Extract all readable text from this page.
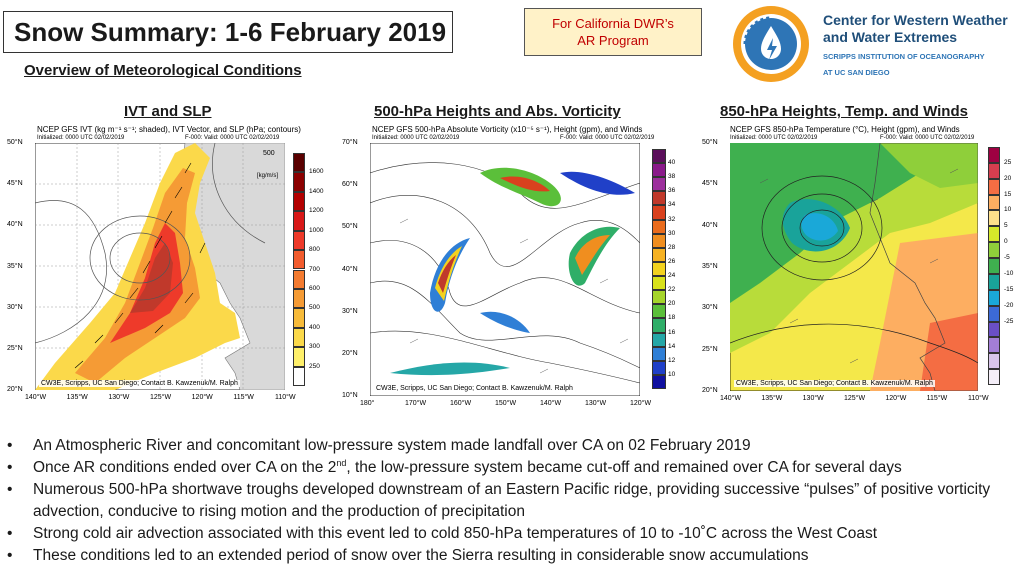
Snow Summary: 1-6 February 2019
Overview of Meteorological Conditions
For California DWR’s
AR Program
Center for Western Weather
and Water Extremes
SCRIPPS INSTITUTION OF OCEANOGRAPHY
AT UC SAN DIEGO
IVT and SLP	500-hPa Heights and Abs. Vorticity	850-hPa Heights, Temp. and Winds
NCEP GFS IVT (kg m⁻¹ s⁻¹; shaded), IVT Vector, and SLP (hPa; contours)
Initialized: 0000 UTC 02/02/2019	F-000: Valid: 0000 UTC 02/02/2019
500
[kg/m/s]
CW3E, Scripps, UC San Diego; Contact B. Kawzenuk/M. Ralph
50°N
45°N
40°N
35°N
30°N
25°N
20°N
140°W	135°W	130°W	125°W	120°W	115°W	110°W
1600
1400
1200
1000
800
700
600
500
400
300
250
NCEP GFS 500-hPa Absolute Vorticity (x10⁻⁵ s⁻¹), Height (gpm), and Winds
Initialized: 0000 UTC 02/02/2019	F-000: Valid: 0000 UTC 02/02/2019
CW3E, Scripps, UC San Diego; Contact B. Kawzenuk/M. Ralph
70°N
60°N
50°N
40°N
30°N
20°N
10°N
180°	170°W	160°W	150°W	140°W	130°W	120°W
40
38
36
34
32
30
28
26
24
22
20
18
16
14
12
10
NCEP GFS 850-hPa Temperature (°C), Height (gpm), and Winds
Initialized: 0000 UTC 02/02/2019	F-000: Valid: 0000 UTC 02/02/2019
CW3E, Scripps, UC San Diego; Contact B. Kawzenuk/M. Ralph
50°N
45°N
40°N
35°N
30°N
25°N
20°N
140°W	135°W	130°W	125°W	120°W	115°W	110°W
25
20
15
10
5
0
-5
-10
-15
-20
-25
• An Atmospheric River and concomitant low-pressure system made landfall over CA on 02 February 2019
• Once AR conditions ended over CA on the 2nd, the low-pressure system became cut-off and remained over CA for several days
• Numerous 500-hPa shortwave troughs developed downstream of an Eastern Pacific ridge, providing successive “pulses” of positive vorticity advection, conducive to rising motion and the production of precipitation
• Strong cold air advection associated with this event led to cold 850-hPa temperatures of 10 to -10˚C across the West Coast
• These conditions led to an extended period of snow over the Sierra resulting in considerable snow accumulations
